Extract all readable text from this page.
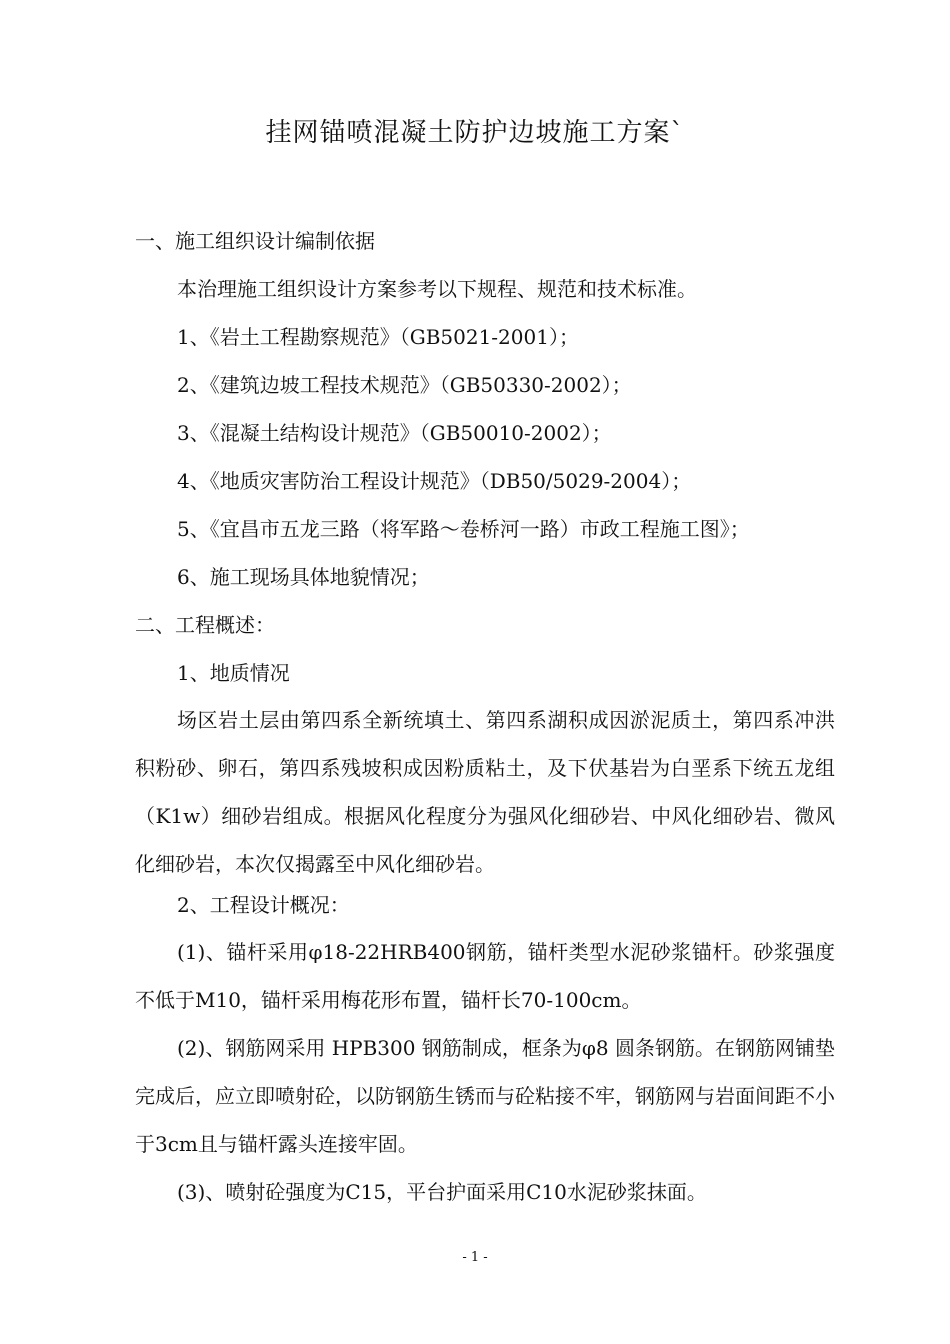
挂网锚喷混凝土防护边坡施工方案`
一、施工组织设计编制依据
本治理施工组织设计方案参考以下规程、规范和技术标准。
1、《岩土工程勘察规范》（GB5021-2001）；
2、《建筑边坡工程技术规范》（GB50330-2002）；
3、《混凝土结构设计规范》（GB50010-2002）；
4、《地质灾害防治工程设计规范》（DB50/5029-2004）；
5、《宜昌市五龙三路（将军路～卷桥河一路）市政工程施工图》；
6、施工现场具体地貌情况；
二、工程概述：
1、地质情况

场区岩土层由第四系全新统填土、第四系湖积成因淤泥质土，第四系冲洪积粉砂、卵石，第四系残坡积成因粉质粘土，及下伏基岩为白垩系下统五龙组（K1w）细砂岩组成。根据风化程度分为强风化细砂岩、中风化细砂岩、微风化细砂岩，本次仅揭露至中风化细砂岩。

2、工程设计概况：

(1)、锚杆采用φ18-22HRB400钢筋，锚杆类型水泥砂浆锚杆。砂浆强度不低于M10，锚杆采用梅花形布置，锚杆长70-100cm。

(2)、钢筋网采用 HPB300 钢筋制成，框条为φ8 圆条钢筋。在钢筋网铺垫完成后，应立即喷射砼，以防钢筋生锈而与砼粘接不牢，钢筋网与岩面间距不小于3cm且与锚杆露头连接牢固。

(3)、喷射砼强度为C15，平台护面采用C10水泥砂浆抹面。

- 1 -
